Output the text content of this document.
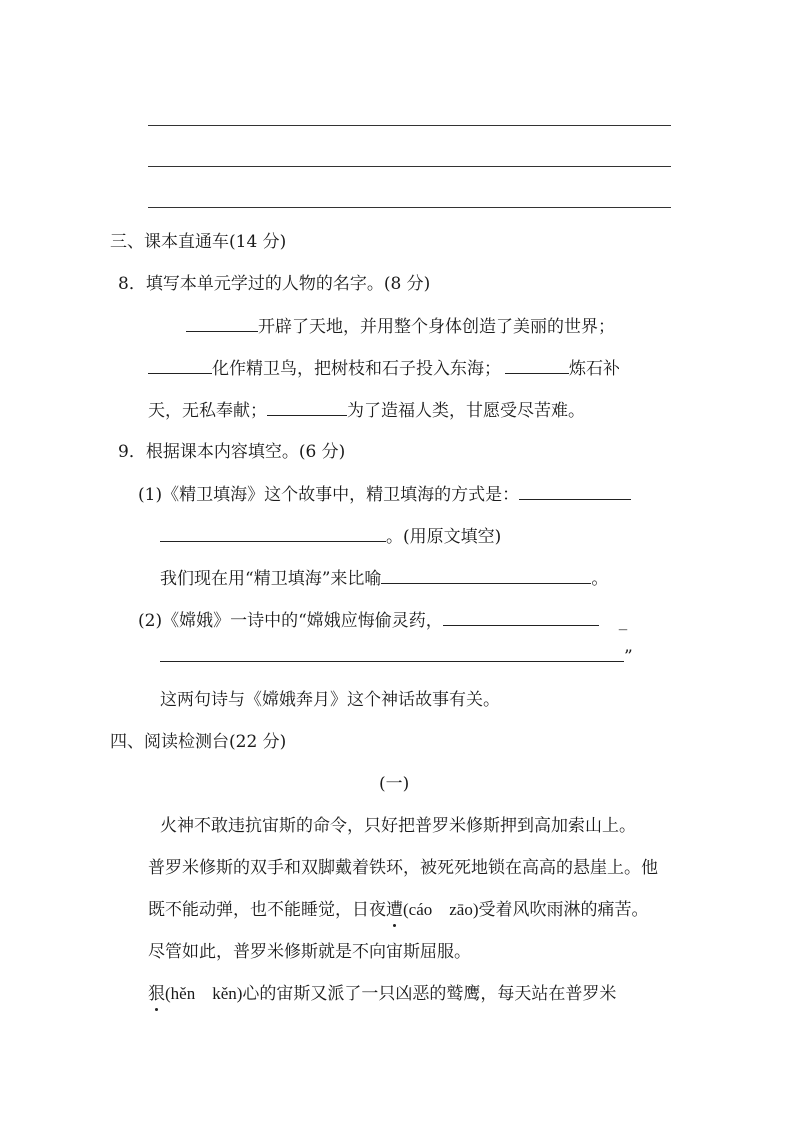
三、课本直通车(14 分)
8．填写本单元学过的人物的名字。(8 分)
开辟了天地，并用整个身体创造了美丽的世界；
化作精卫鸟，把树枝和石子投入东海；	炼石补
天，无私奉献；	为了造福人类，甘愿受尽苦难。
9．根据课本内容填空。(6 分)
(1)《精卫填海》这个故事中，精卫填海的方式是：
。(用原文填空)
我们现在用“精卫填海”来比喻	。
(2)《嫦娥》一诗中的“嫦娥应悔偷灵药，	_
”
这两句诗与《嫦娥奔月》这个神话故事有关。
四、阅读检测台(22 分)
(一)
火神不敢违抗宙斯的命令，只好把普罗米修斯押到高加索山上。
普罗米修斯的双手和双脚戴着铁环，被死死地锁在高高的悬崖上。他
既不能动弹，也不能睡觉，日夜遭(cáo　zāo)受着风吹雨淋的痛苦。
尽管如此，普罗米修斯就是不向宙斯屈服。
狠(hěn　kěn)心的宙斯又派了一只凶恶的鹫鹰，每天站在普罗米
